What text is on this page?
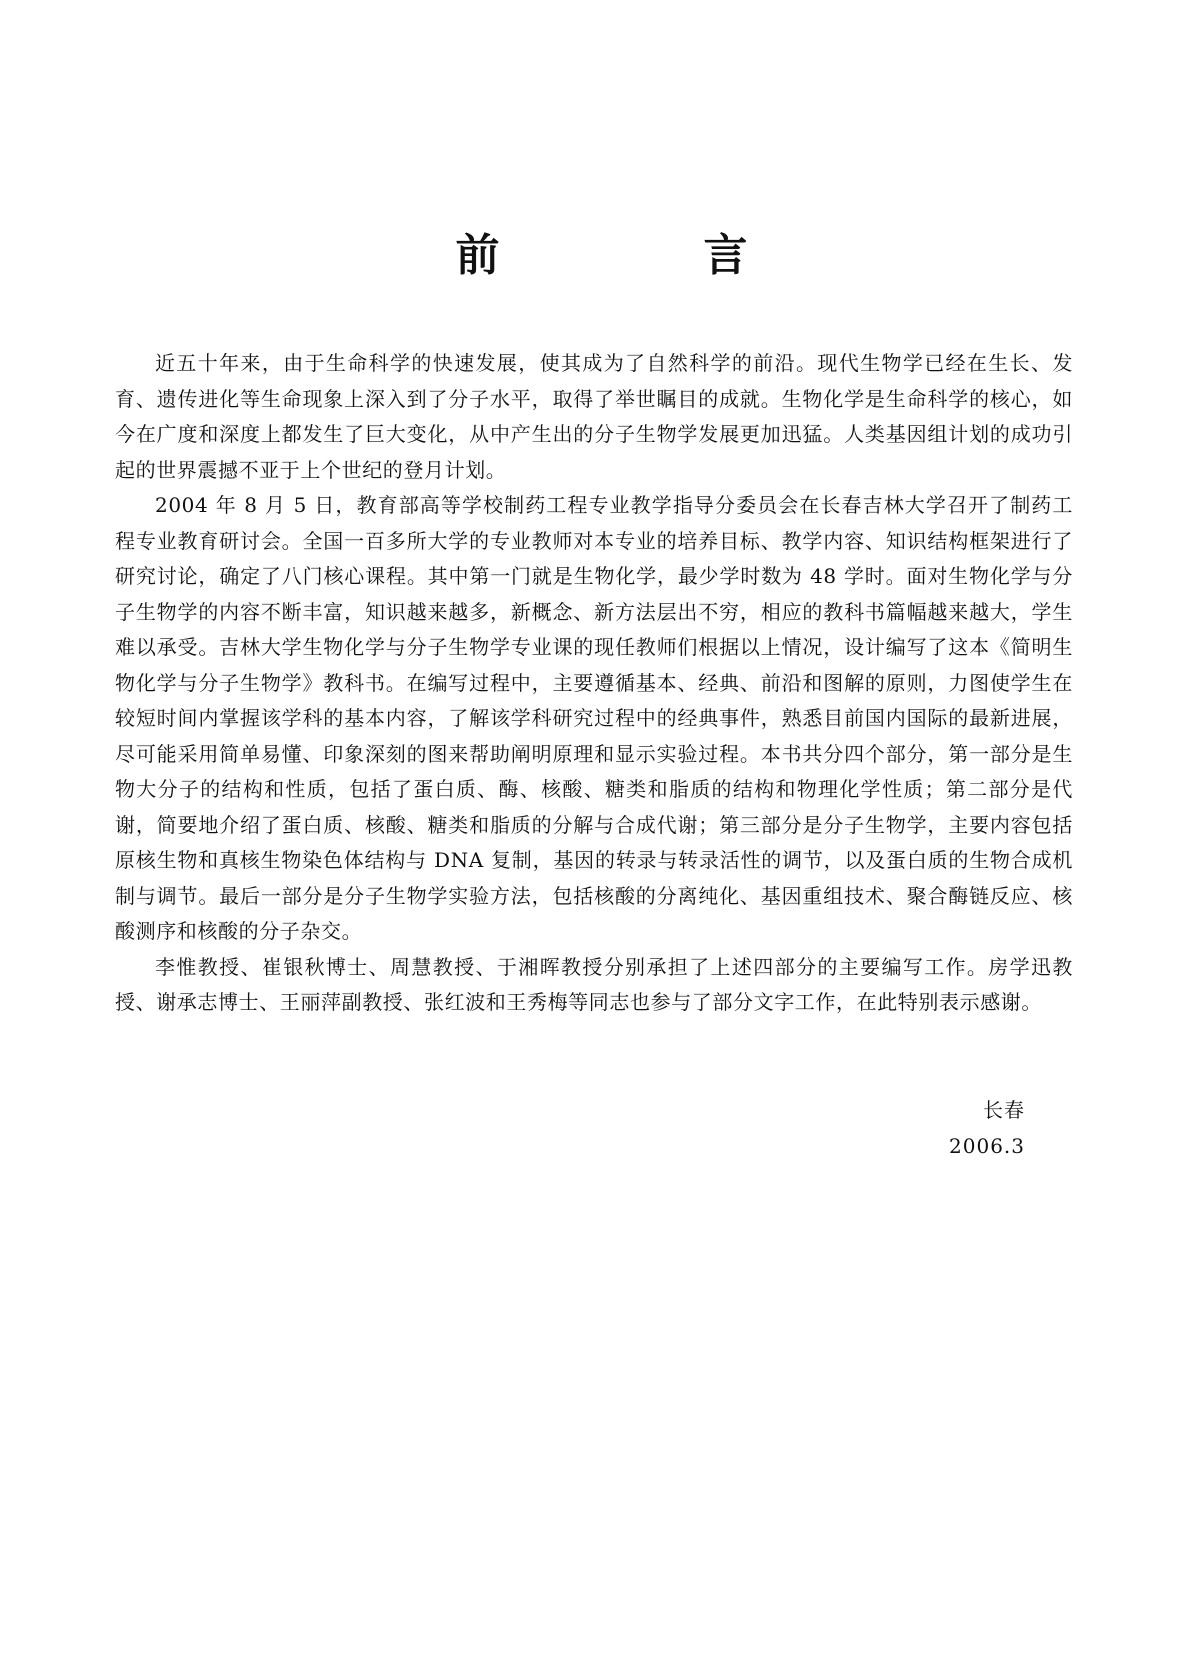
前　言

近五十年来，由于生命科学的快速发展，使其成为了自然科学的前沿。现代生物学已经在生长、发育、遗传进化等生命现象上深入到了分子水平，取得了举世瞩目的成就。生物化学是生命科学的核心，如今在广度和深度上都发生了巨大变化，从中产生出的分子生物学发展更加迅猛。人类基因组计划的成功引起的世界震撼不亚于上个世纪的登月计划。

2004 年 8 月 5 日，教育部高等学校制药工程专业教学指导分委员会在长春吉林大学召开了制药工程专业教育研讨会。全国一百多所大学的专业教师对本专业的培养目标、教学内容、知识结构框架进行了研究讨论，确定了八门核心课程。其中第一门就是生物化学，最少学时数为 48 学时。面对生物化学与分子生物学的内容不断丰富，知识越来越多，新概念、新方法层出不穷，相应的教科书篇幅越来越大，学生难以承受。吉林大学生物化学与分子生物学专业课的现任教师们根据以上情况，设计编写了这本《简明生物化学与分子生物学》教科书。在编写过程中，主要遵循基本、经典、前沿和图解的原则，力图使学生在较短时间内掌握该学科的基本内容，了解该学科研究过程中的经典事件，熟悉目前国内国际的最新进展，尽可能采用简单易懂、印象深刻的图来帮助阐明原理和显示实验过程。本书共分四个部分，第一部分是生物大分子的结构和性质，包括了蛋白质、酶、核酸、糖类和脂质的结构和物理化学性质；第二部分是代谢，简要地介绍了蛋白质、核酸、糖类和脂质的分解与合成代谢；第三部分是分子生物学，主要内容包括原核生物和真核生物染色体结构与 DNA 复制，基因的转录与转录活性的调节，以及蛋白质的生物合成机制与调节。最后一部分是分子生物学实验方法，包括核酸的分离纯化、基因重组技术、聚合酶链反应、核酸测序和核酸的分子杂交。

李惟教授、崔银秋博士、周慧教授、于湘晖教授分别承担了上述四部分的主要编写工作。房学迅教授、谢承志博士、王丽萍副教授、张红波和王秀梅等同志也参与了部分文字工作，在此特别表示感谢。

长春
2006.3
